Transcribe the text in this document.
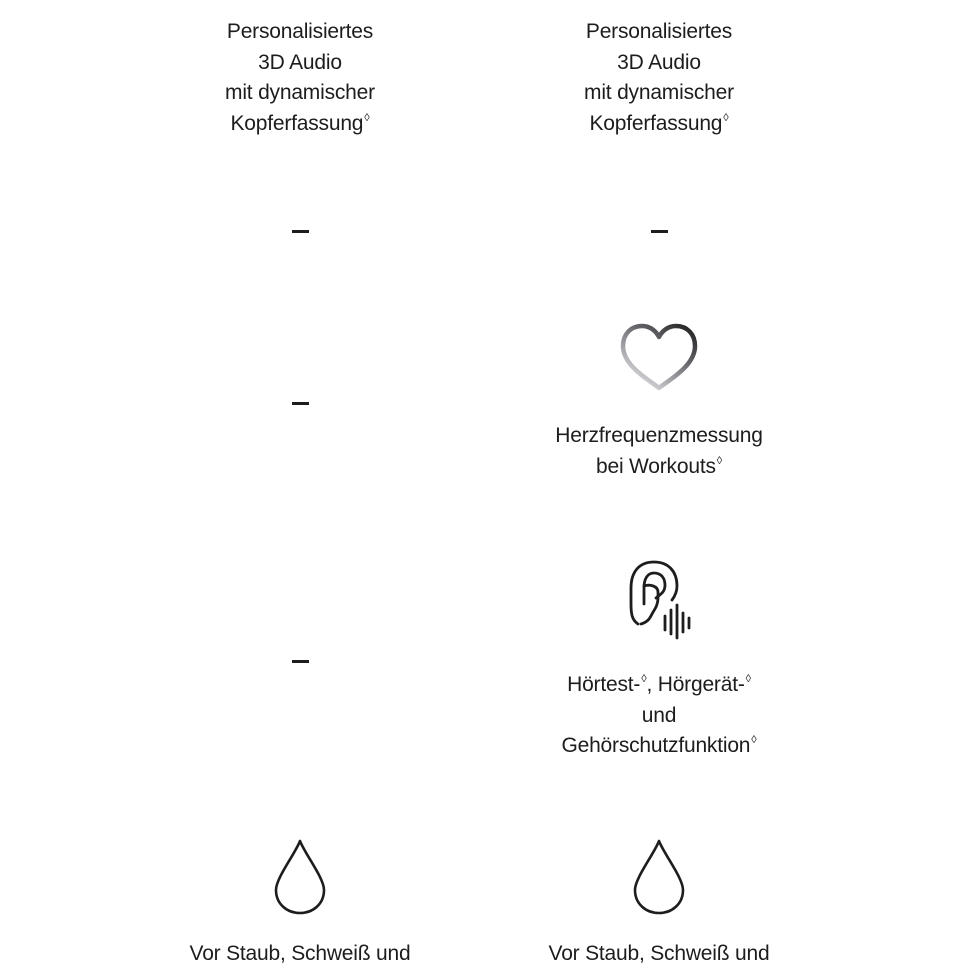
Personalisiertes
3D Audio
mit dynamischer
Kopferfassung◊
Vor Staub, Schweiß und
Personalisiertes
3D Audio
mit dynamischer
Kopferfassung◊
Herzfrequenzmessung
bei Workouts◊
Hörtest-◊, Hörgerät-◊
und
Gehörschutzfunktion◊
Vor Staub, Schweiß und
